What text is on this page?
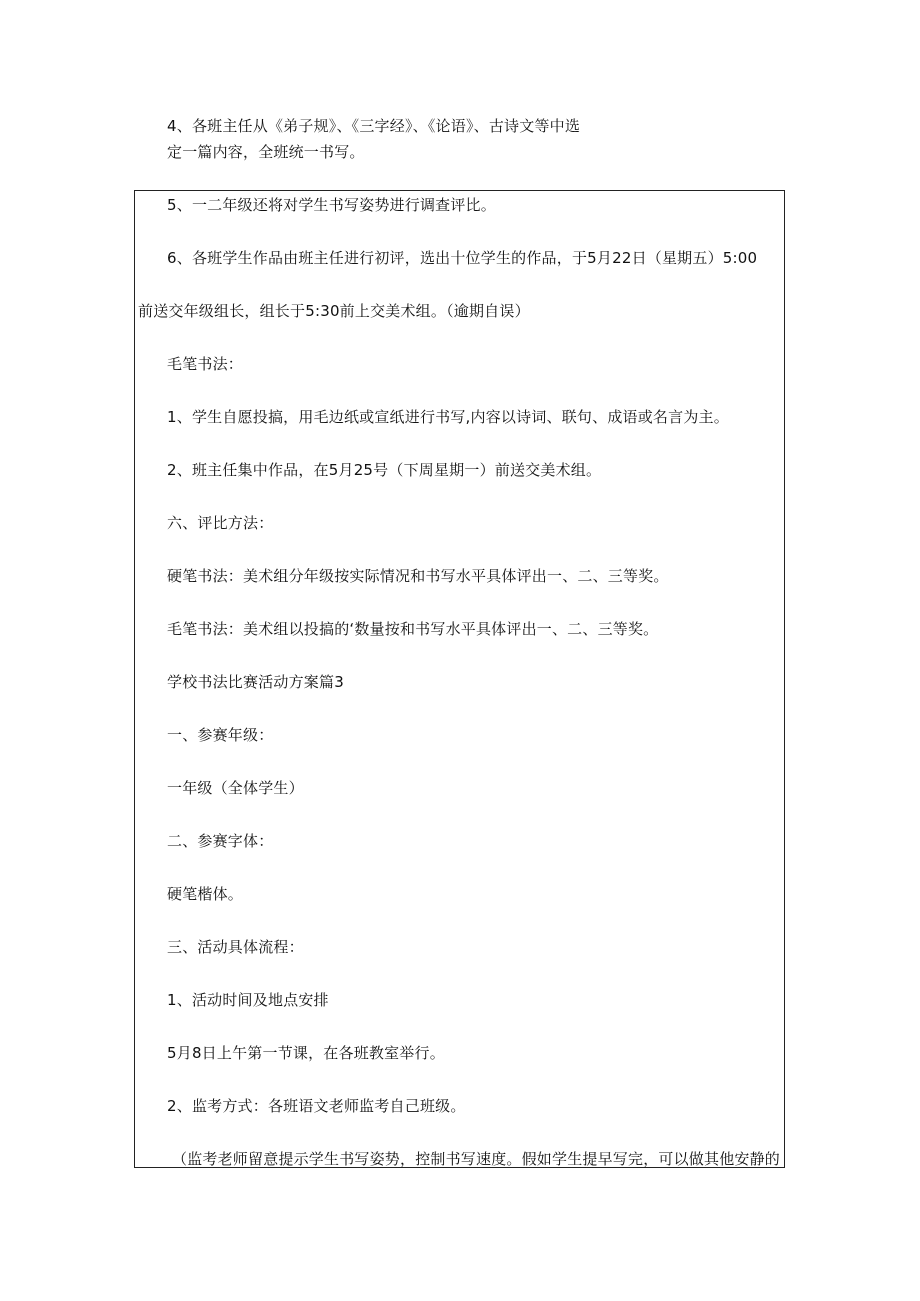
4、各班主任从《弟子规》、《三字经》、《论语》、古诗文等中选
定一篇内容，全班统一书写。
5、一二年级还将对学生书写姿势进行调查评比。
6、各班学生作品由班主任进行初评，选出十位学生的作品，于5月22日（星期五）5:00
前送交年级组长，组长于5:30前上交美术组。（逾期自误）
毛笔书法：
1、学生自愿投搞，用毛边纸或宣纸进行书写,内容以诗词、联句、成语或名言为主。
2、班主任集中作品，在5月25号（下周星期一）前送交美术组。
六、评比方法：
硬笔书法：美术组分年级按实际情况和书写水平具体评出一、二、三等奖。
毛笔书法：美术组以投搞的‘数量按和书写水平具体评出一、二、三等奖。
学校书法比赛活动方案篇3
一、参赛年级：
一年级（全体学生）
二、参赛字体：
硬笔楷体。
三、活动具体流程：
1、活动时间及地点安排
5月8日上午第一节课，在各班教室举行。
2、监考方式：各班语文老师监考自己班级。
（监考老师留意提示学生书写姿势，控制书写速度。假如学生提早写完，可以做其他安静的
